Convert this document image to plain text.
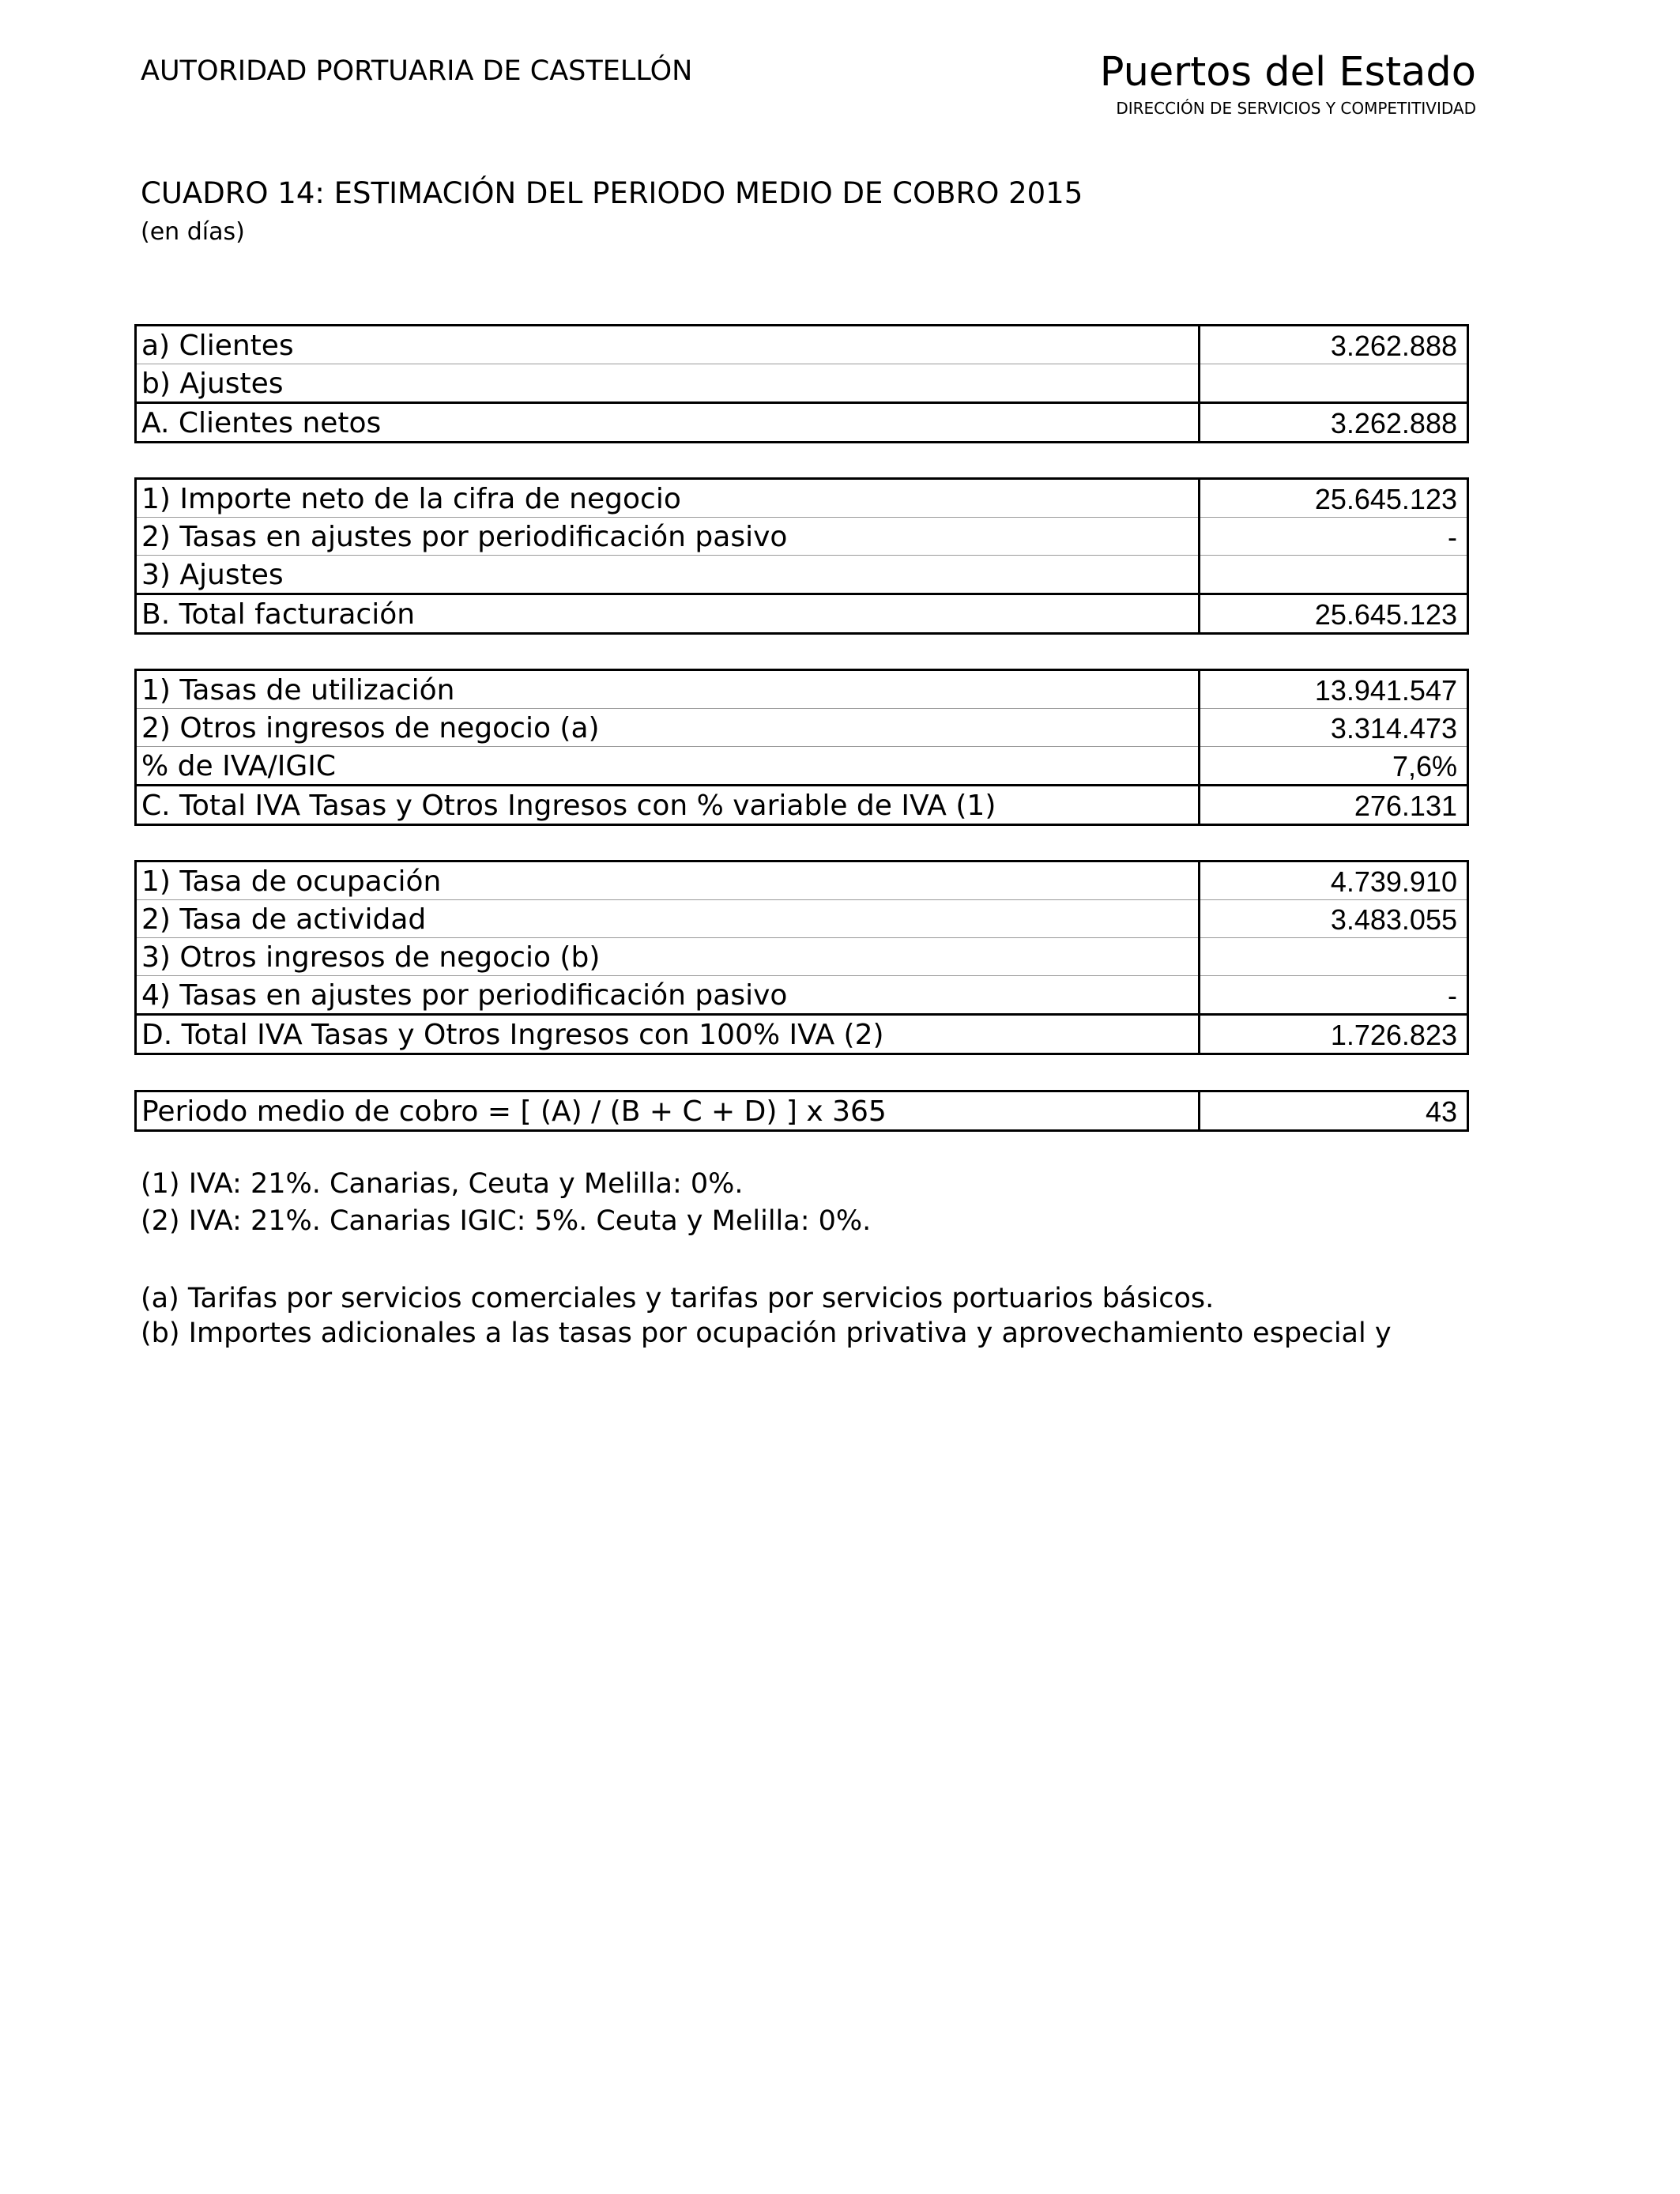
AUTORIDAD PORTUARIA DE CASTELLÓN	Puertos del Estado
DIRECCIÓN DE SERVICIOS Y COMPETITIVIDAD
CUADRO 14: ESTIMACIÓN DEL PERIODO MEDIO DE COBRO 2015
(en días)
a) Clientes	3.262.888
b) Ajustes	
A. Clientes netos	3.262.888
1) Importe neto de la cifra de negocio	25.645.123
2) Tasas en ajustes por periodificación pasivo	-
3) Ajustes	
B. Total facturación	25.645.123
1) Tasas de utilización	13.941.547
2) Otros ingresos de negocio (a)	3.314.473
% de IVA/IGIC	7,6%
C. Total IVA Tasas y Otros Ingresos con % variable de IVA (1)	276.131
1) Tasa de ocupación	4.739.910
2) Tasa de actividad	3.483.055
3) Otros ingresos de negocio (b)	
4) Tasas en ajustes por periodificación pasivo	-
D. Total IVA Tasas y Otros Ingresos con 100% IVA (2)	1.726.823
Periodo medio de cobro = [ (A) / (B + C + D) ] x 365	43
(1) IVA: 21%. Canarias, Ceuta y Melilla: 0%.
(2) IVA: 21%. Canarias IGIC: 5%. Ceuta y Melilla: 0%.
(a) Tarifas por servicios comerciales y tarifas por servicios portuarios básicos.
(b) Importes adicionales a las tasas por ocupación privativa y aprovechamiento especial y
